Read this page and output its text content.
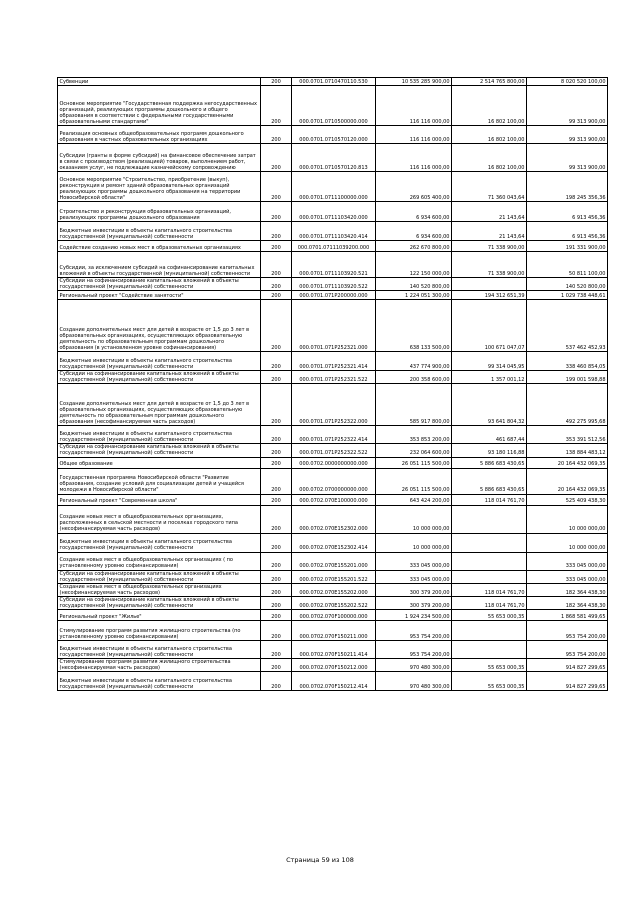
Субвенции	200	000.0701.0710470110.530	10 535 285 900,00	2 514 765 800,00	8 020 520 100,00
Основное мероприятие "Государственная поддержка негосударственных организаций, реализующих программы дошкольного и общего образования в соответствии с федеральными государственными образовательными стандартами"	200	000.0701.0710500000.000	116 116 000,00	16 802 100,00	99 313 900,00
Реализация основных общеобразовательных программ дошкольного образования в частных образовательных организациях	200	000.0701.0710570120.000	116 116 000,00	16 802 100,00	99 313 900,00
Субсидии (гранты в форме субсидий) на финансовое обеспечение затрат в связи с производством (реализацией) товаров, выполнением работ, оказанием услуг, не подлежащие казначейскому сопровождению	200	000.0701.0710570120.813	116 116 000,00	16 802 100,00	99 313 900,00
Основное мероприятие "Строительство, приобретение (выкуп), реконструкция и ремонт зданий образовательных организаций реализующих программы дошкольного образования на территории Новосибирской области"	200	000.0701.0711100000.000	269 605 400,00	71 360 043,64	198 245 356,36
Строительство и реконструкция образовательных организаций, реализующих программы дошкольного образования	200	000.0701.0711103420.000	6 934 600,00	21 143,64	6 913 456,36
Бюджетные инвестиции в объекты капитального строительства государственной (муниципальной) собственности	200	000.0701.0711103420.414	6 934 600,00	21 143,64	6 913 456,36
Содействие созданию новых мест в образовательных организациях	200	000.0701.07111039200.000	262 670 800,00	71 338 900,00	191 331 900,00
Субсидии, за исключением субсидий на софинансирование капитальных вложений в объекты государственной (муниципальной) собственности	200	000.0701.0711103920.521	122 150 000,00	71 338 900,00	50 811 100,00
Субсидии на софинансирование капитальных вложений в объекты государственной (муниципальной) собственности	200	000.0701.0711103920.522	140 520 800,00		140 520 800,00
Региональный проект "Содействие занятости"	200	000.0701.071P200000.000	1 224 051 300,00	194 312 651,39	1 029 738 448,61
Создание дополнительных мест для детей в возрасте от 1,5 до 3 лет в образовательных организациях, осуществляющих образовательную деятельность по образовательным программам дошкольного образования (в установленном уровне софинансирования)	200	000.0701.071P252321.000	638 133 500,00	100 671 047,07	537 462 452,93
Бюджетные инвестиции в объекты капитального строительства государственной (муниципальной) собственности	200	000.0701.071P252321.414	437 774 900,00	99 314 045,95	338 460 854,05
Субсидии на софинансирование капитальных вложений в объекты государственной (муниципальной) собственности	200	000.0701.071P252321.522	200 358 600,00	1 357 001,12	199 001 598,88
Создание дополнительных мест для детей в возрасте от 1,5 до 3 лет в образовательных организациях, осуществляющих образовательную деятельность по образовательным программам дошкольного образования (несофинансируемая часть расходов)	200	000.0701.071P252322.000	585 917 800,00	93 641 804,32	492 275 995,68
Бюджетные инвестиции в объекты капитального строительства государственной (муниципальной) собственности	200	000.0701.071P252322.414	353 853 200,00	461 687,44	353 391 512,56
Субсидии на софинансирование капитальных вложений в объекты государственной (муниципальной) собственности	200	000.0701.071P252322.522	232 064 600,00	93 180 116,88	138 884 483,12
Общее образование	200	000.0702.0000000000.000	26 051 115 500,00	5 886 683 430,65	20 164 432 069,35
Государственная программа Новосибирской области "Развитие образования, создание условий для социализации детей и учащейся молодежи в Новосибирской области"	200	000.0702.0700000000.000	26 051 115 500,00	5 886 683 430,65	20 164 432 069,35
Региональный проект "Современная школа"	200	000.0702.070E100000.000	643 424 200,00	118 014 761,70	525 409 438,30
Создание новых мест в общеобразовательных организациях, расположенных в сельской местности и поселках городского типа (несофинансируемая часть расходов)	200	000.0702.070E152302.000	10 000 000,00		10 000 000,00
Бюджетные инвестиции в объекты капитального строительства государственной (муниципальной) собственности	200	000.0702.070E152302.414	10 000 000,00		10 000 000,00
Создание новых мест в общеобразовательных организациях ( по установленному уровню софинансирования)	200	000.0702.070E155201.000	333 045 000,00		333 045 000,00
Субсидии на софинансирование капитальных вложений в объекты государственной (муниципальной) собственности	200	000.0702.070E155201.522	333 045 000,00		333 045 000,00
Создание новых мест в общеобразовательных организациях (несофинансируемая часть расходов)	200	000.0702.070E155202.000	300 379 200,00	118 014 761,70	182 364 438,30
Субсидии на софинансирование капитальных вложений в объекты государственной (муниципальной) собственности	200	000.0702.070E155202.522	300 379 200,00	118 014 761,70	182 364 438,30
Региональный проект "Жилье"	200	000.0702.070F100000.000	1 924 234 500,00	55 653 000,35	1 868 581 499,65
Стимулирование программ развития жилищного строительства (по установленному уровню софинансирования)	200	000.0702.070F150211.000	953 754 200,00		953 754 200,00
Бюджетные инвестиции в объекты капитального строительства государственной (муниципальной) собственности	200	000.0702.070F150211.414	953 754 200,00		953 754 200,00
Стимулирование программ развития жилищного строительства (несофинансируемая часть расходов)	200	000.0702.070F150212.000	970 480 300,00	55 653 000,35	914 827 299,65
Бюджетные инвестиции в объекты капитального строительства государственной (муниципальной) собственности	200	000.0702.070F150212.414	970 480 300,00	55 653 000,35	914 827 299,65
Страница 59 из 108
